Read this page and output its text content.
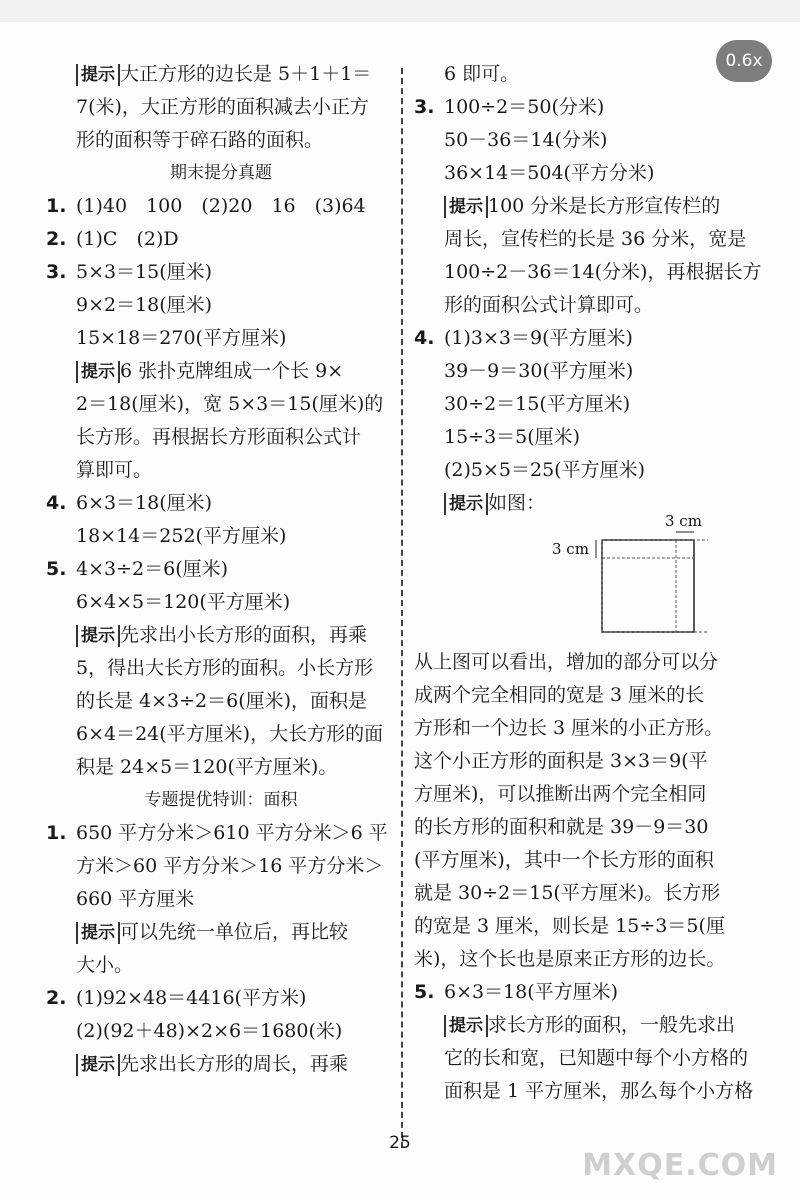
提示 大正方形的边长是 5＋1＋1＝
7(米)，大正方形的面积减去小正方
形的面积等于碎石路的面积。
期末提分真题
1. (1)40　100　(2)20　16　(3)64
2. (1)C　(2)D
3. 5×3＝15(厘米)
9×2＝18(厘米)
15×18＝270(平方厘米)
提示 6 张扑克牌组成一个长 9×
2＝18(厘米)，宽 5×3＝15(厘米)的
长方形。再根据长方形面积公式计
算即可。
4. 6×3＝18(厘米)
18×14＝252(平方厘米)
5. 4×3÷2＝6(厘米)
6×4×5＝120(平方厘米)
提示 先求出小长方形的面积，再乘
5，得出大长方形的面积。小长方形
的长是 4×3÷2＝6(厘米)，面积是
6×4＝24(平方厘米)，大长方形的面
积是 24×5＝120(平方厘米)。
专题提优特训：面积
1. 650 平方分米＞610 平方分米＞6 平
方米＞60 平方分米＞16 平方分米＞
660 平方厘米
提示 可以先统一单位后，再比较
大小。
2. (1)92×48＝4416(平方米)
(2)(92＋48)×2×6＝1680(米)
提示 先求出长方形的周长，再乘
6 即可。
3. 100÷2＝50(分米)
50－36＝14(分米)
36×14＝504(平方分米)
提示 100 分米是长方形宣传栏的
周长，宣传栏的长是 36 分米，宽是
100÷2－36＝14(分米)，再根据长方
形的面积公式计算即可。
4. (1)3×3＝9(平方厘米)
39－9＝30(平方厘米)
30÷2＝15(平方厘米)
15÷3＝5(厘米)
(2)5×5＝25(平方厘米)
提示 如图：
3 cm
3 cm
从上图可以看出，增加的部分可以分
成两个完全相同的宽是 3 厘米的长
方形和一个边长 3 厘米的小正方形。
这个小正方形的面积是 3×3＝9(平
方厘米)，可以推断出两个完全相同
的长方形的面积和就是 39－9＝30
(平方厘米)，其中一个长方形的面积
就是 30÷2＝15(平方厘米)。长方形
的宽是 3 厘米，则长是 15÷3＝5(厘
米)，这个长也是原来正方形的边长。
5. 6×3＝18(平方厘米)
提示 求长方形的面积，一般先求出
它的长和宽，已知题中每个小方格的
面积是 1 平方厘米，那么每个小方格
0.6x
25
MXQE.COM
